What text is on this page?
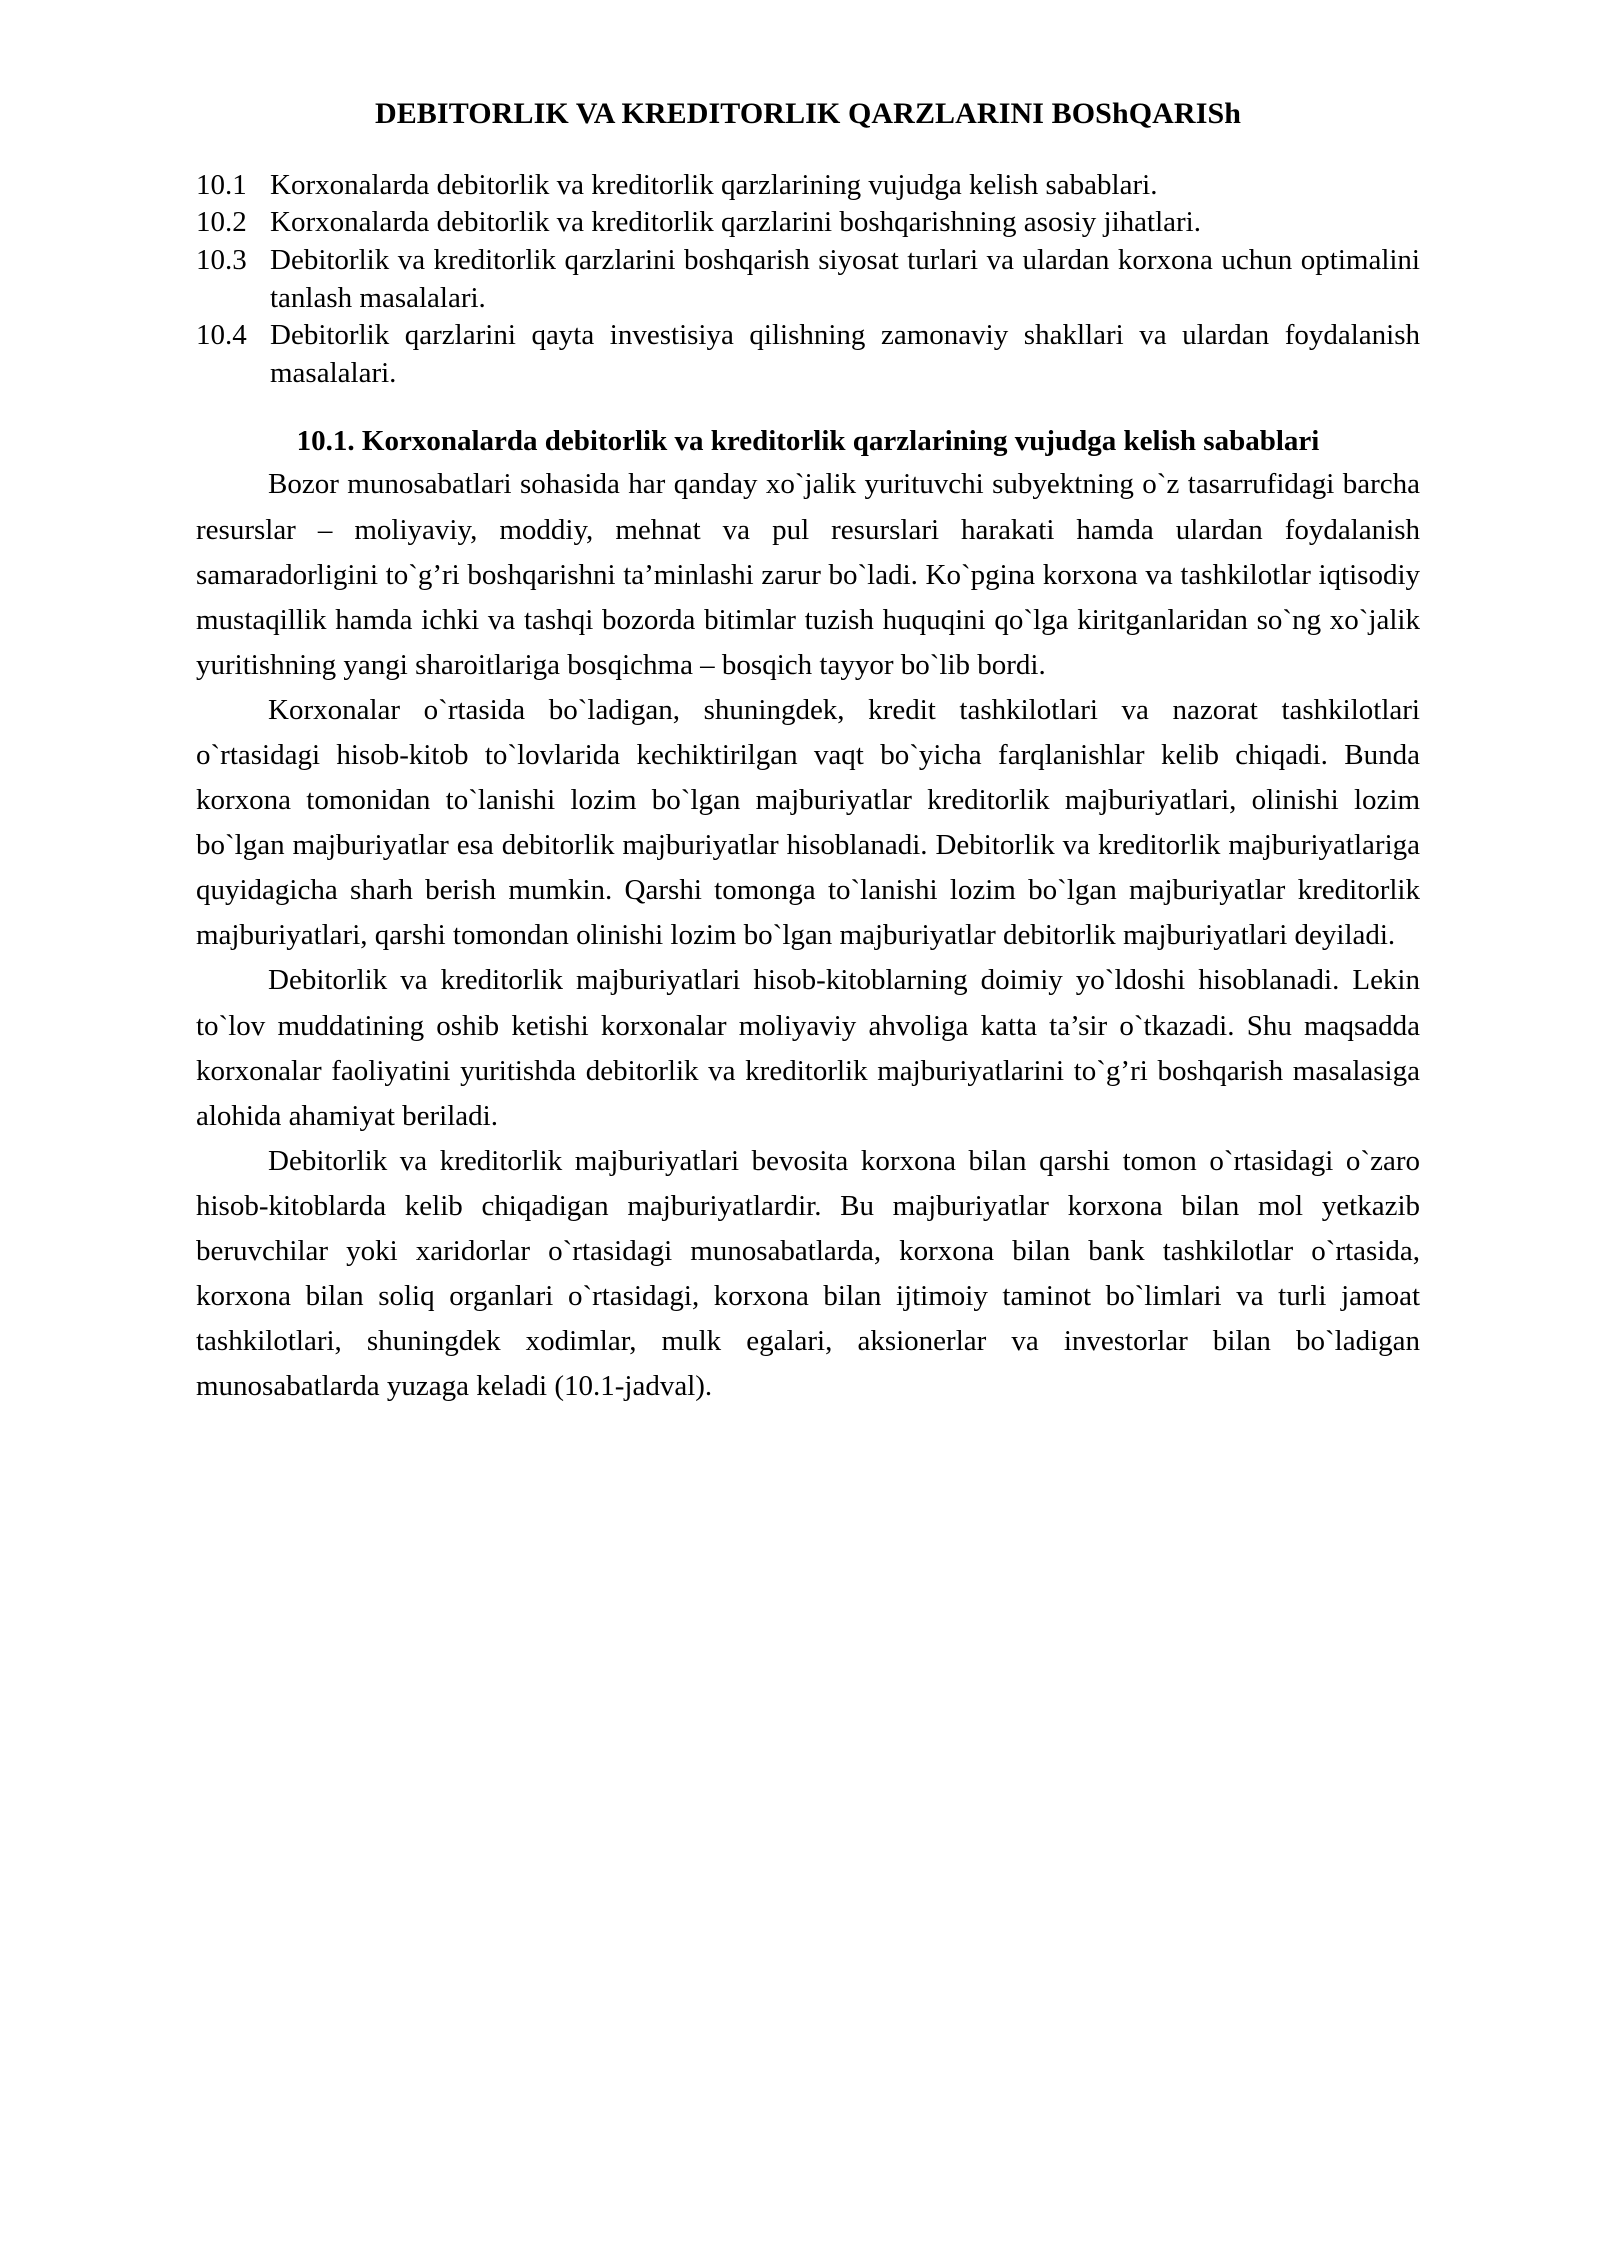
DEBITORLIK VA KREDITORLIK QARZLARINI BOShQARISh
10.1 Korxonalarda debitorlik va kreditorlik qarzlarining vujudga kelish sabablari.
10.2 Korxonalarda debitorlik va kreditorlik qarzlarini boshqarishning asosiy jihatlari.
10.3 Debitorlik va kreditorlik qarzlarini boshqarish siyosat turlari va ulardan korxona uchun optimalini tanlash masalalari.
10.4 Debitorlik qarzlarini qayta investisiya qilishning zamonaviy shakllari va ulardan foydalanish masalalari.
10.1. Korxonalarda debitorlik va kreditorlik qarzlarining vujudga kelish sabablari

Bozor munosabatlari sohasida har qanday xo`jalik yurituvchi subyektning o`z tasarrufidagi barcha resurslar – moliyaviy, moddiy, mehnat va pul resurslari harakati hamda ulardan foydalanish samaradorligini to`g’ri boshqarishni ta’minlashi zarur bo`ladi. Ko`pgina korxona va tashkilotlar iqtisodiy mustaqillik hamda ichki va tashqi bozorda bitimlar tuzish huquqini qo`lga kiritganlaridan so`ng xo`jalik yuritishning yangi sharoitlariga bosqichma – bosqich tayyor bo`lib bordi.

Korxonalar o`rtasida bo`ladigan, shuningdek, kredit tashkilotlari va nazorat tashkilotlari o`rtasidagi hisob-kitob to`lovlarida kechiktirilgan vaqt bo`yicha farqlanishlar kelib chiqadi. Bunda korxona tomonidan to`lanishi lozim bo`lgan majburiyatlar kreditorlik majburiyatlari, olinishi lozim bo`lgan majburiyatlar esa debitorlik majburiyatlar hisoblanadi. Debitorlik va kreditorlik majburiyatlariga quyidagicha sharh berish mumkin. Qarshi tomonga to`lanishi lozim bo`lgan majburiyatlar kreditorlik majburiyatlari, qarshi tomondan olinishi lozim bo`lgan majburiyatlar debitorlik majburiyatlari deyiladi.

Debitorlik va kreditorlik majburiyatlari hisob-kitoblarning doimiy yo`ldoshi hisoblanadi. Lekin to`lov muddatining oshib ketishi korxonalar moliyaviy ahvoliga katta ta’sir o`tkazadi. Shu maqsadda korxonalar faoliyatini yuritishda debitorlik va kreditorlik majburiyatlarini to`g’ri boshqarish masalasiga alohida ahamiyat beriladi.

Debitorlik va kreditorlik majburiyatlari bevosita korxona bilan qarshi tomon o`rtasidagi o`zaro hisob-kitoblarda kelib chiqadigan majburiyatlardir. Bu majburiyatlar korxona bilan mol yetkazib beruvchilar yoki xaridorlar o`rtasidagi munosabatlarda, korxona bilan bank tashkilotlar o`rtasida, korxona bilan soliq organlari o`rtasidagi, korxona bilan ijtimoiy taminot bo`limlari va turli jamoat tashkilotlari, shuningdek xodimlar, mulk egalari, aksionerlar va investorlar bilan bo`ladigan munosabatlarda yuzaga keladi (10.1-jadval).
